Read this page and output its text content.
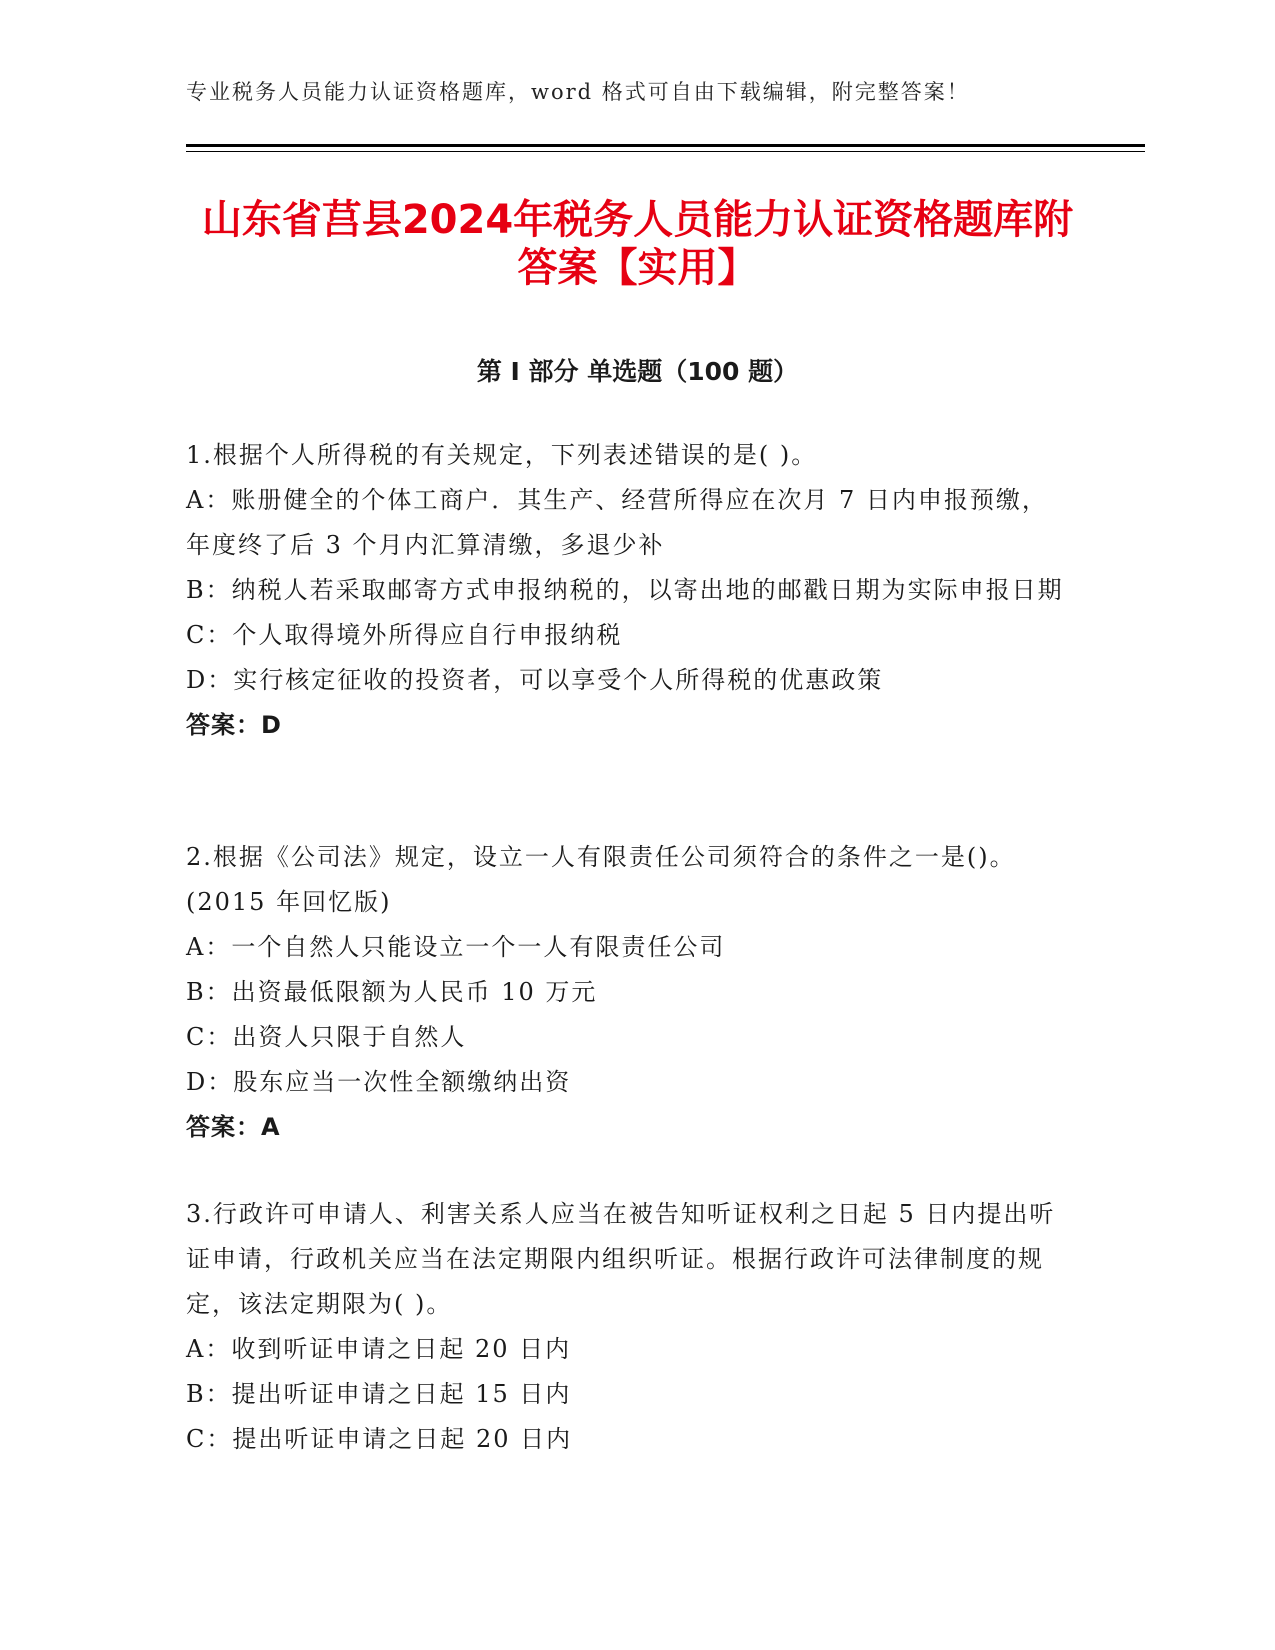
专业税务人员能力认证资格题库，word 格式可自由下载编辑，附完整答案！
山东省莒县2024年税务人员能力认证资格题库附答案【实用】
第 I 部分 单选题（100 题）

1.根据个人所得税的有关规定，下列表述错误的是( )。

A：账册健全的个体工商户．其生产、经营所得应在次月 7 日内申报预缴，年度终了后 3 个月内汇算清缴，多退少补

B：纳税人若采取邮寄方式申报纳税的，以寄出地的邮戳日期为实际申报日期

C：个人取得境外所得应自行申报纳税

D：实行核定征收的投资者，可以享受个人所得税的优惠政策

答案：D

2.根据《公司法》规定，设立一人有限责任公司须符合的条件之一是()。(2015 年回忆版)

A：一个自然人只能设立一个一人有限责任公司

B：出资最低限额为人民币 10 万元

C：出资人只限于自然人

D：股东应当一次性全额缴纳出资

答案：A

3.行政许可申请人、利害关系人应当在被告知听证权利之日起 5 日内提出听证申请，行政机关应当在法定期限内组织听证。根据行政许可法律制度的规定，该法定期限为( )。

A：收到听证申请之日起 20 日内

B：提出听证申请之日起 15 日内

C：提出听证申请之日起 20 日内
